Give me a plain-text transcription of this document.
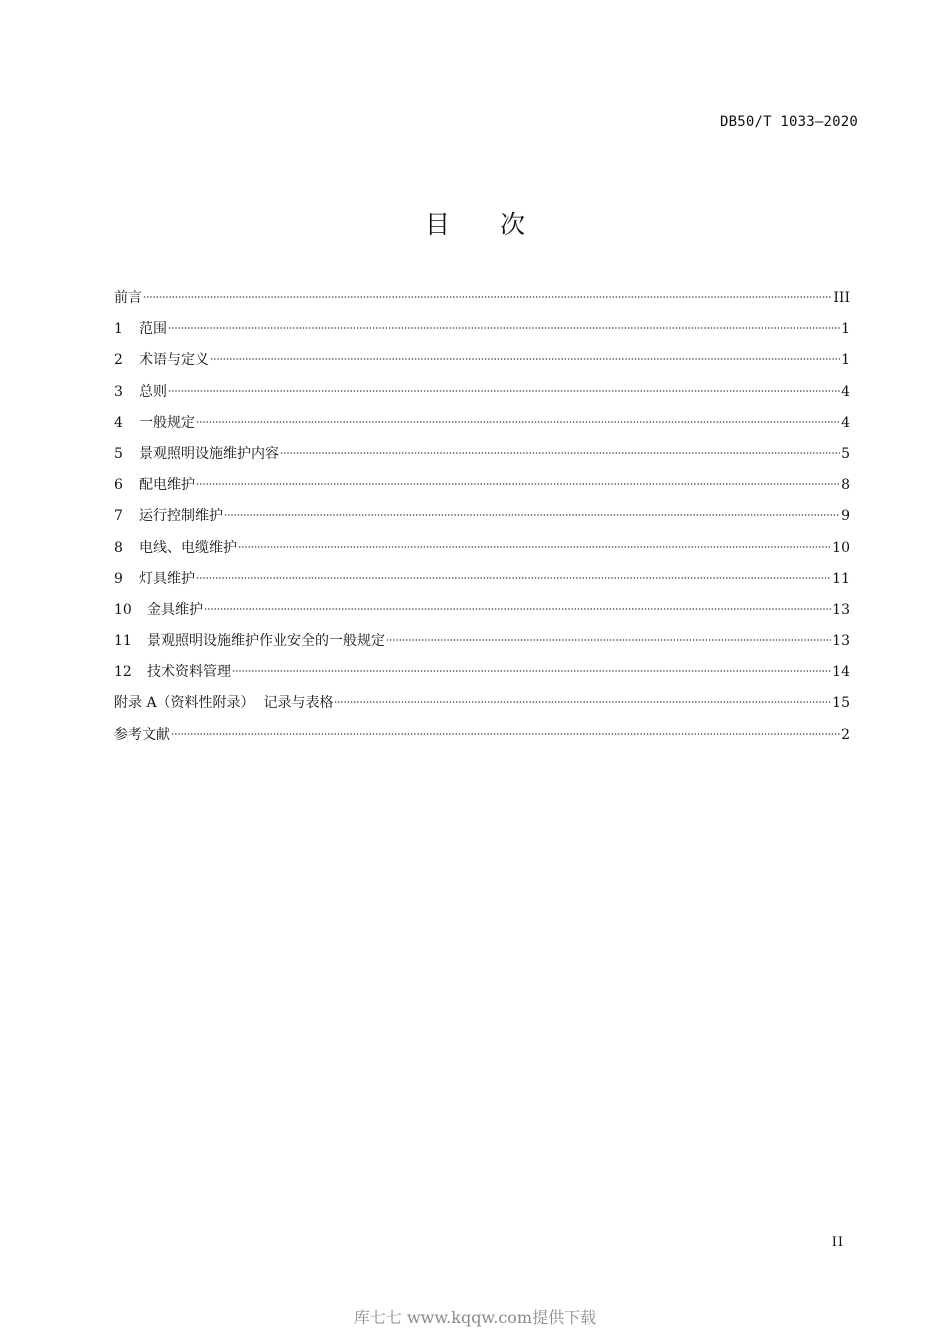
DB50/T 1033—2020
目次
前言	III
1	范围	1
2	术语与定义	1
3	总则	4
4	一般规定	4
5	景观照明设施维护内容	5
6	配电维护	8
7	运行控制维护	9
8	电线、电缆维护	10
9	灯具维护	11
10	金具维护	13
11	景观照明设施维护作业安全的一般规定	13
12	技术资料管理	14
附录 A（资料性附录）  记录与表格	15
参考文献	2
II
库七七 www.kqqw.com提供下载
